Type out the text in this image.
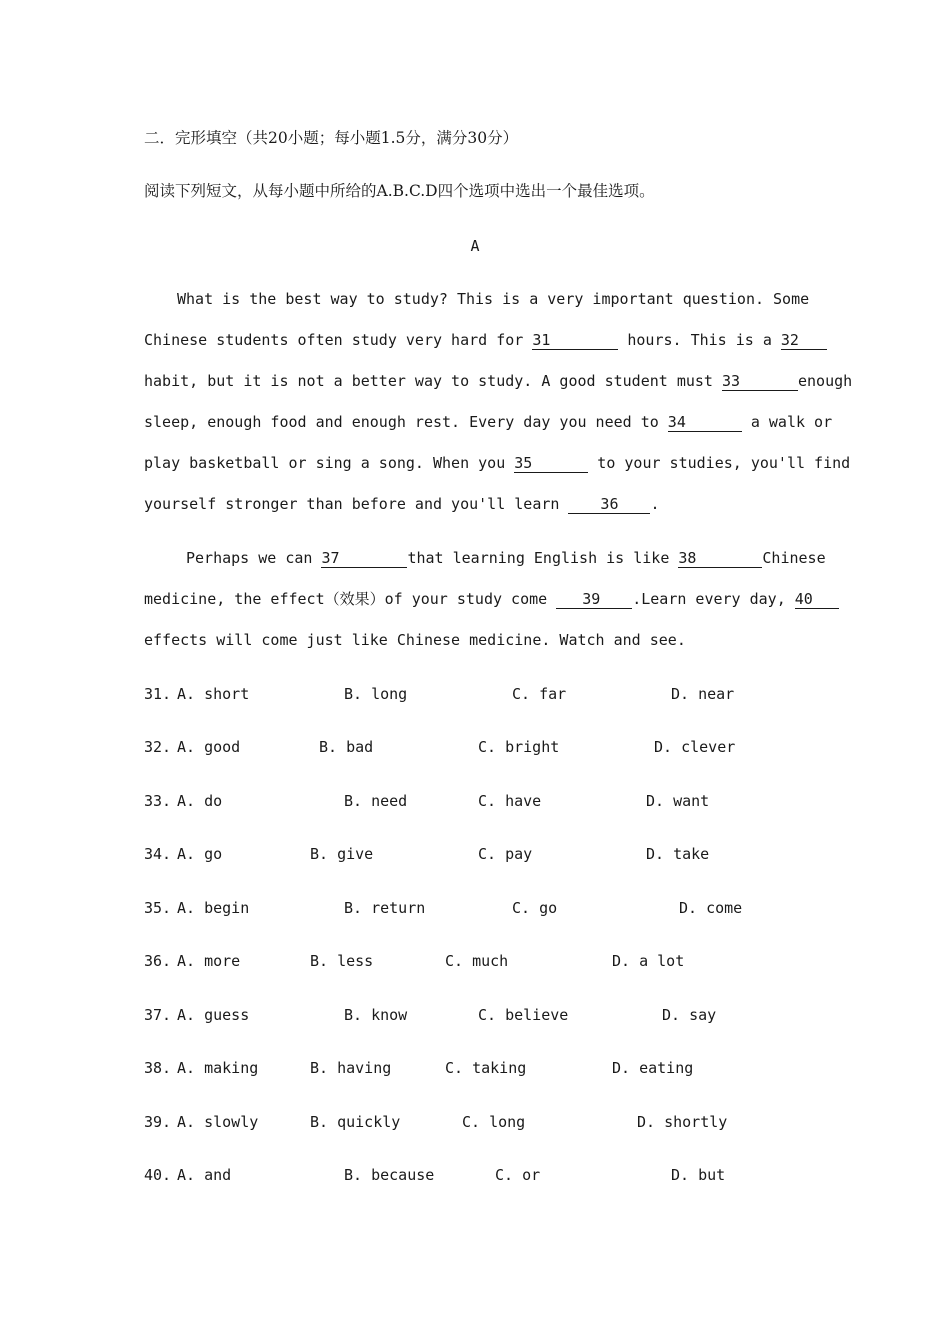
二．完形填空（共20小题；每小题1.5分，满分30分）
阅读下列短文，从每小题中所给的A.B.C.D四个选项中选出一个最佳选项。
A
What is the best way to study? This is a very important question. Some
Chinese students often study very hard for 31	hours. This is a 32
habit, but it is not a better way to study. A good student must 33	enough
sleep, enough food and enough rest. Every day you need to 34	a walk or
play basketball or sing a song. When you 35	to your studies, you'll find
yourself stronger than before and you'll learn	36 .
Perhaps we can 37	that learning English is like 38	Chinese
medicine, the effect（效果）of your study come 39 .Learn every day, 40
effects will come just like Chinese medicine. Watch and see.
31. A. short	B. long	C. far	D. near
32. A. good	B. bad	C. bright	D. clever
33. A. do	B. need	C. have	D. want
34. A. go	B. give	C. pay	D. take
35. A. begin	B. return	C. go	D. come
36. A. more	B. less	C. much	D. a lot
37. A. guess	B. know	C. believe	D. say
38. A. making	B. having	C. taking	D. eating
39. A. slowly	B. quickly	C. long	D. shortly
40. A. and	B. because	C. or	D. but
